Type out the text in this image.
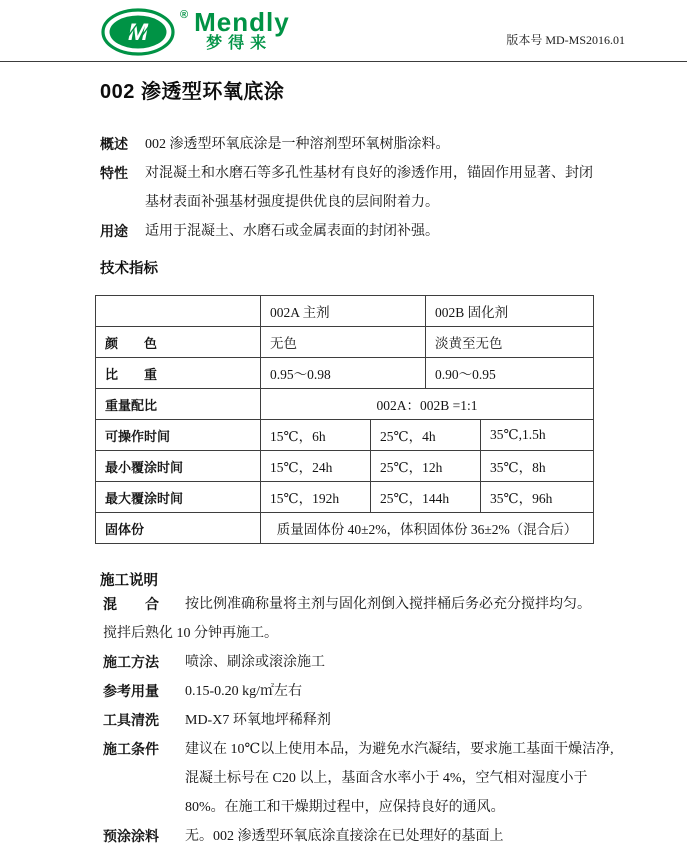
M
® Mendly
梦得来	版本号 MD-MS2016.01
002 渗透型环氧底涂
概述	002 渗透型环氧底涂是一种溶剂型环氧树脂涂料。
特性	对混凝土和水磨石等多孔性基材有良好的渗透作用，锚固作用显著、封闭基材表面补强基材强度提供优良的层间附着力。
用途	适用于混凝土、水磨石或金属表面的封闭补强。
技术指标
	002A 主剂		002B 固化剂	
颜　　色	无色		淡黄至无色	
比　　重	0.95～0.98		0.90～0.95	
重量配比	002A：002B =1:1			
可操作时间	15℃，6h	25℃，4h		35℃,1.5h
最小覆涂时间	15℃，24h	25℃，12h		35℃，8h
最大覆涂时间	15℃，192h	25℃，144h		35℃，96h
固体份	质量固体份 40±2%，体积固体份 36±2%（混合后）			
施工说明
混　　合	按比例准确称量将主剂与固化剂倒入搅拌桶后务必充分搅拌均匀。
搅拌后熟化 10 分钟再施工。
施工方法	喷涂、刷涂或滚涂施工
参考用量	0.15-0.20 kg/㎡左右
工具清洗	MD-X7 环氧地坪稀释剂
施工条件	建议在 10℃以上使用本品，为避免水汽凝结，要求施工基面干燥洁净,混凝土标号在 C20 以上，基面含水率小于 4%，空气相对湿度小于 80%。在施工和干燥期过程中，应保持良好的通风。
预涂涂料	无。002 渗透型环氧底涂直接涂在已处理好的基面上
